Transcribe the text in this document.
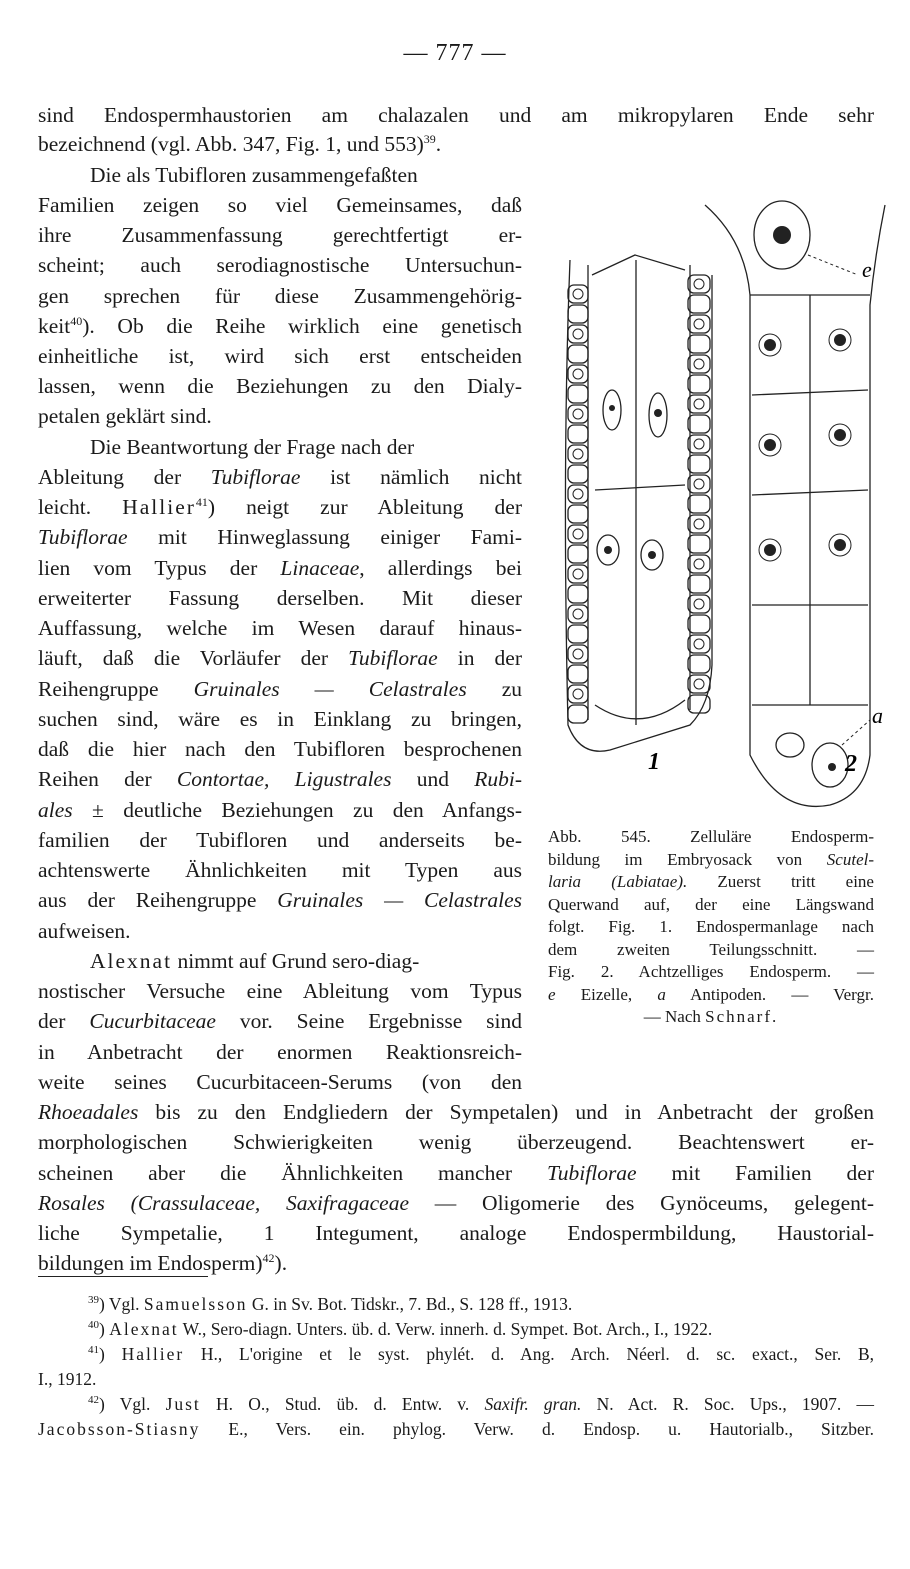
— 777 —

sind Endospermhaustorien am chalazalen und am mikropylaren Ende sehr

bezeichnend (vgl. Abb. 347, Fig. 1, und 553)$^{39}$.

Die als Tubifloren zusammengefaßten

Familien zeigen so viel Gemeinsames, daß

ihre Zusammenfassung gerechtfertigt er-

scheint; auch serodiagnostische Untersuchun-

gen sprechen für diese Zusammengehörig-

keit$^{40}$). Ob die Reihe wirklich eine genetisch

einheitliche ist, wird sich erst entscheiden

lassen, wenn die Beziehungen zu den Dialy-

petalen geklärt sind.

Die Beantwortung der Frage nach der

Ableitung der Tubiflorae ist nämlich nicht

leicht. Hallier$^{41}$) neigt zur Ableitung der

Tubiflorae mit Hinweglassung einiger Fami-

lien vom Typus der Linaceae, allerdings bei

erweiterter Fassung derselben. Mit dieser

Auffassung, welche im Wesen darauf hinaus-

läuft, daß die Vorläufer der Tubiflorae in der

Reihengruppe Gruinales — Celastrales zu

suchen sind, wäre es in Einklang zu bringen,

daß die hier nach den Tubifloren besprochenen

Reihen der Contortae, Ligustrales und Rubi-

ales ± deutliche Beziehungen zu den Anfangs-

familien der Tubifloren und anderseits be-

achtenswerte Ähnlichkeiten mit Typen aus

aus der Reihengruppe Gruinales — Celastrales

aufweisen.

Alexnat nimmt auf Grund sero-diag-

nostischer Versuche eine Ableitung vom Typus

der Cucurbitaceae vor. Seine Ergebnisse sind

in Anbetracht der enormen Reaktionsreich-

weite seines Cucurbitaceen-Serums (von den

Rhoeadales bis zu den Endgliedern der Sympetalen) und in Anbetracht der großen

morphologischen Schwierigkeiten wenig überzeugend. Beachtenswert er-

scheinen aber die Ähnlichkeiten mancher Tubiflorae mit Familien der

Rosales (Crassulaceae, Saxifragaceae — Oligomerie des Gynöceums, gelegent-

liche Sympetalie, 1 Integument, analoge Endospermbildung, Haustorial-

bildungen im Endosperm)$^{42}$).

e
a
1	2
Abb. 545. Zelluläre Endosperm-
bildung im Embryosack von Scutel-
laria (Labiatae). Zuerst tritt eine
Querwand auf, der eine Längswand
folgt. Fig. 1. Endospermanlage nach
dem zweiten Teilungsschnitt. —
Fig. 2. Achtzelliges Endosperm. —
e Eizelle, a Antipoden. — Vergr.
— Nach Schnarf.

$^{39}$) Vgl. Samuelsson G. in Sv. Bot. Tidskr., 7. Bd., S. 128 ff., 1913.

$^{40}$) Alexnat W., Sero-diagn. Unters. üb. d. Verw. innerh. d. Sympet. Bot. Arch., I., 1922.

$^{41}$) Hallier H., L'origine et le syst. phylét. d. Ang. Arch. Néerl. d. sc. exact., Ser. B,

I., 1912.

$^{42}$) Vgl. Just H. O., Stud. üb. d. Entw. v. Saxifr. gran. N. Act. R. Soc. Ups., 1907. —

Jacobsson-Stiasny E., Vers. ein. phylog. Verw. d. Endosp. u. Hautorialb., Sitzber.
